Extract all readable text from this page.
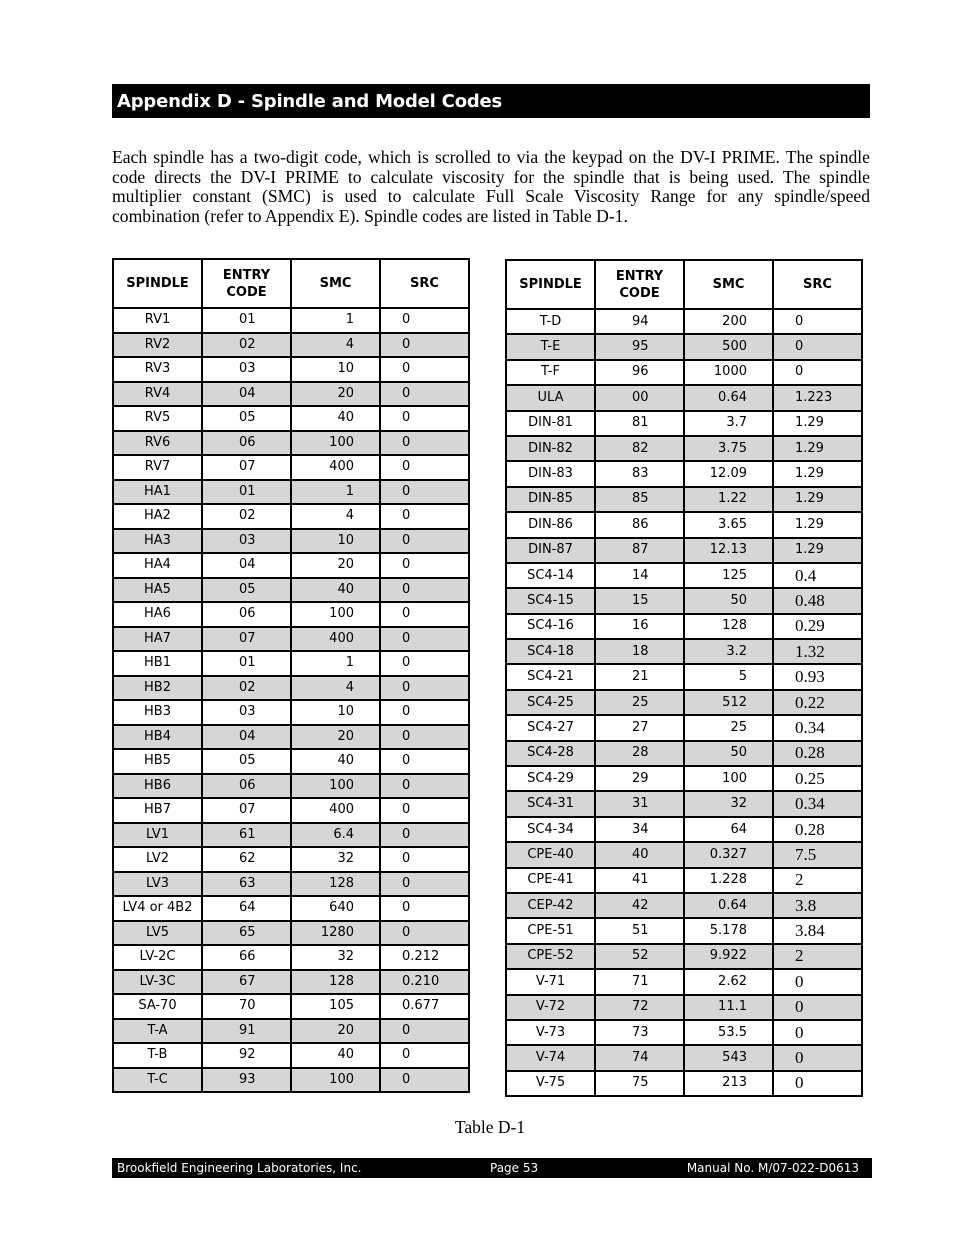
Appendix D - Spindle and Model Codes

Each spindle has a two-digit code, which is scrolled to via the keypad on the DV-I PRIME. The spindle code directs the DV-I PRIME to calculate viscosity for the spindle that is being used. The spindle multiplier constant (SMC) is used to calculate Full Scale Viscosity Range for any spindle/speed combination (refer to Appendix E). Spindle codes are listed in Table D-1.

SPINDLE	ENTRY CODE	SMC	SRC
RV1	01	1	0
RV2	02	4	0
RV3	03	10	0
RV4	04	20	0
RV5	05	40	0
RV6	06	100	0
RV7	07	400	0
HA1	01	1	0
HA2	02	4	0
HA3	03	10	0
HA4	04	20	0
HA5	05	40	0
HA6	06	100	0
HA7	07	400	0
HB1	01	1	0
HB2	02	4	0
HB3	03	10	0
HB4	04	20	0
HB5	05	40	0
HB6	06	100	0
HB7	07	400	0
LV1	61	6.4	0
LV2	62	32	0
LV3	63	128	0
LV4 or 4B2	64	640	0
LV5	65	1280	0
LV-2C	66	32	0.212
LV-3C	67	128	0.210
SA-70	70	105	0.677
T-A	91	20	0
T-B	92	40	0
T-C	93	100	0
SPINDLE	ENTRY CODE	SMC	SRC
T-D	94	200	0
T-E	95	500	0
T-F	96	1000	0
ULA	00	0.64	1.223
DIN-81	81	3.7	1.29
DIN-82	82	3.75	1.29
DIN-83	83	12.09	1.29
DIN-85	85	1.22	1.29
DIN-86	86	3.65	1.29
DIN-87	87	12.13	1.29
SC4-14	14	125	0.4
SC4-15	15	50	0.48
SC4-16	16	128	0.29
SC4-18	18	3.2	1.32
SC4-21	21	5	0.93
SC4-25	25	512	0.22
SC4-27	27	25	0.34
SC4-28	28	50	0.28
SC4-29	29	100	0.25
SC4-31	31	32	0.34
SC4-34	34	64	0.28
CPE-40	40	0.327	7.5
CPE-41	41	1.228	2
CEP-42	42	0.64	3.8
CPE-51	51	5.178	3.84
CPE-52	52	9.922	2
V-71	71	2.62	0
V-72	72	11.1	0
V-73	73	53.5	0
V-74	74	543	0
V-75	75	213	0
Table D-1
Brookfield Engineering Laboratories, Inc.	Page 53	Manual No. M/07-022-D0613
